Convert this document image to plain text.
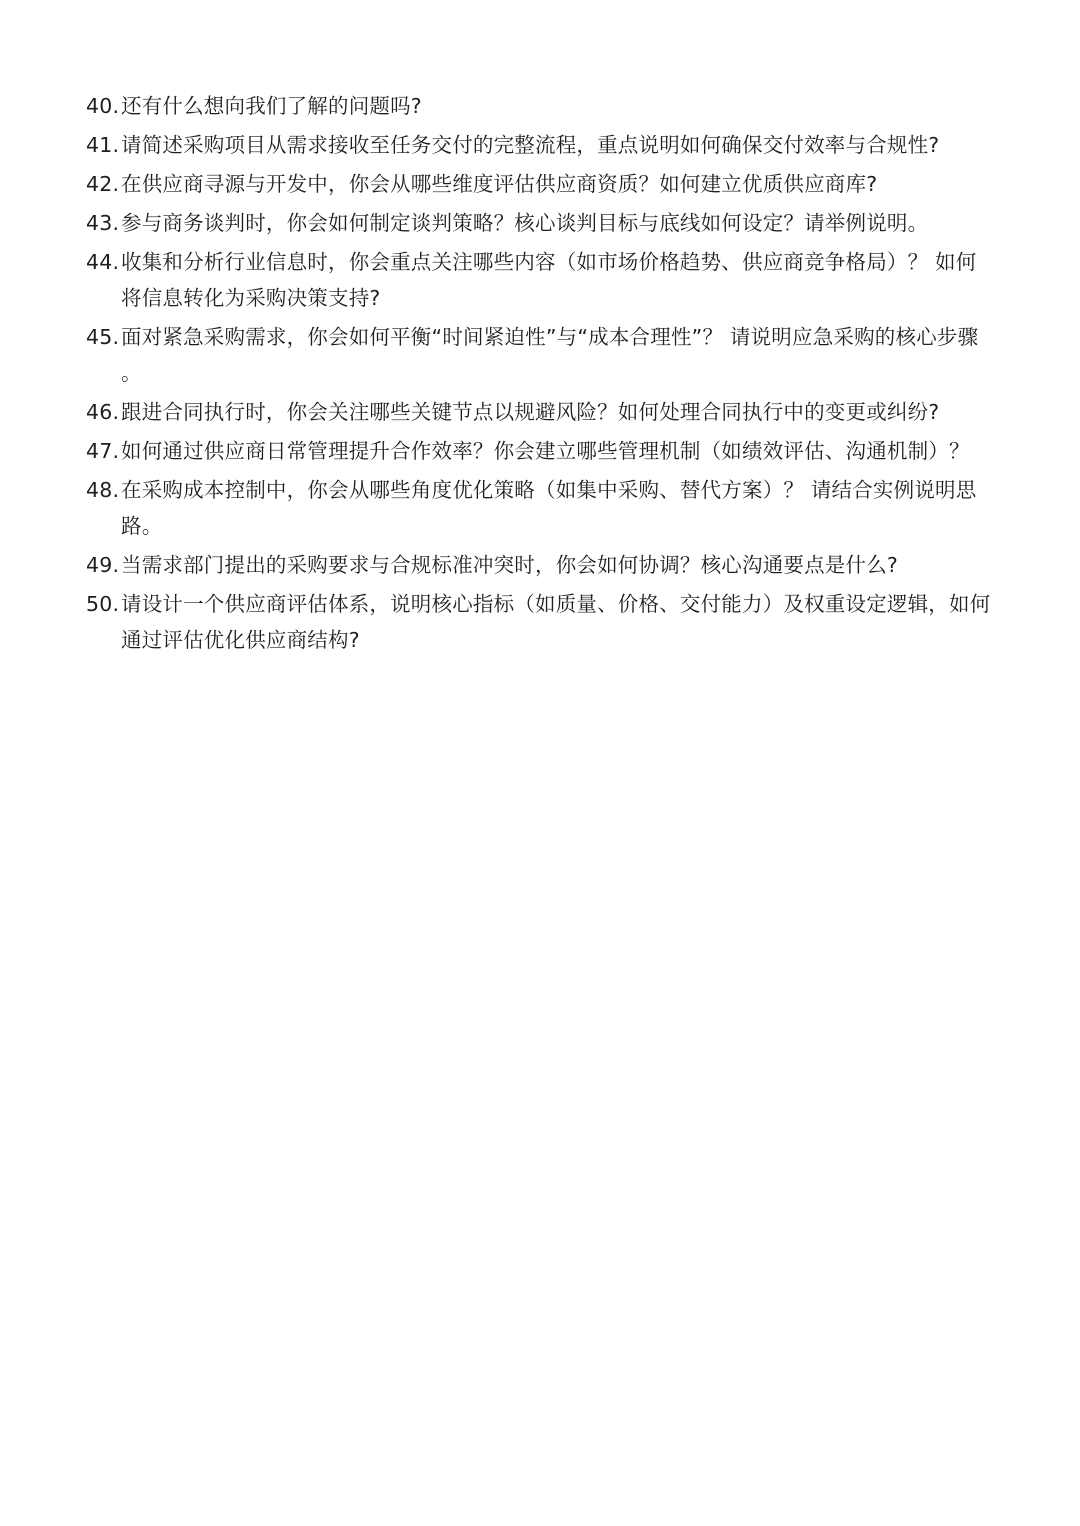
40. 还有什么想向我们了解的问题吗?
41. 请简述采购项目从需求接收至任务交付的完整流程，重点说明如何确保交付效率与合规性?
42. 在供应商寻源与开发中，你会从哪些维度评估供应商资质？如何建立优质供应商库?
43. 参与商务谈判时，你会如何制定谈判策略？核心谈判目标与底线如何设定？请举例说明。
44. 收集和分析行业信息时，你会重点关注哪些内容（如市场价格趋势、供应商竞争格局）？ 如何将信息转化为采购决策支持?
45. 面对紧急采购需求，你会如何平衡“时间紧迫性”与“成本合理性”？ 请说明应急采购的核心步骤。
46. 跟进合同执行时，你会关注哪些关键节点以规避风险？如何处理合同执行中的变更或纠纷?
47. 如何通过供应商日常管理提升合作效率？你会建立哪些管理机制（如绩效评估、沟通机制）？
48. 在采购成本控制中，你会从哪些角度优化策略（如集中采购、替代方案）？ 请结合实例说明思路。
49. 当需求部门提出的采购要求与合规标准冲突时，你会如何协调？核心沟通要点是什么?
50. 请设计一个供应商评估体系，说明核心指标（如质量、价格、交付能力）及权重设定逻辑，如何通过评估优化供应商结构?
